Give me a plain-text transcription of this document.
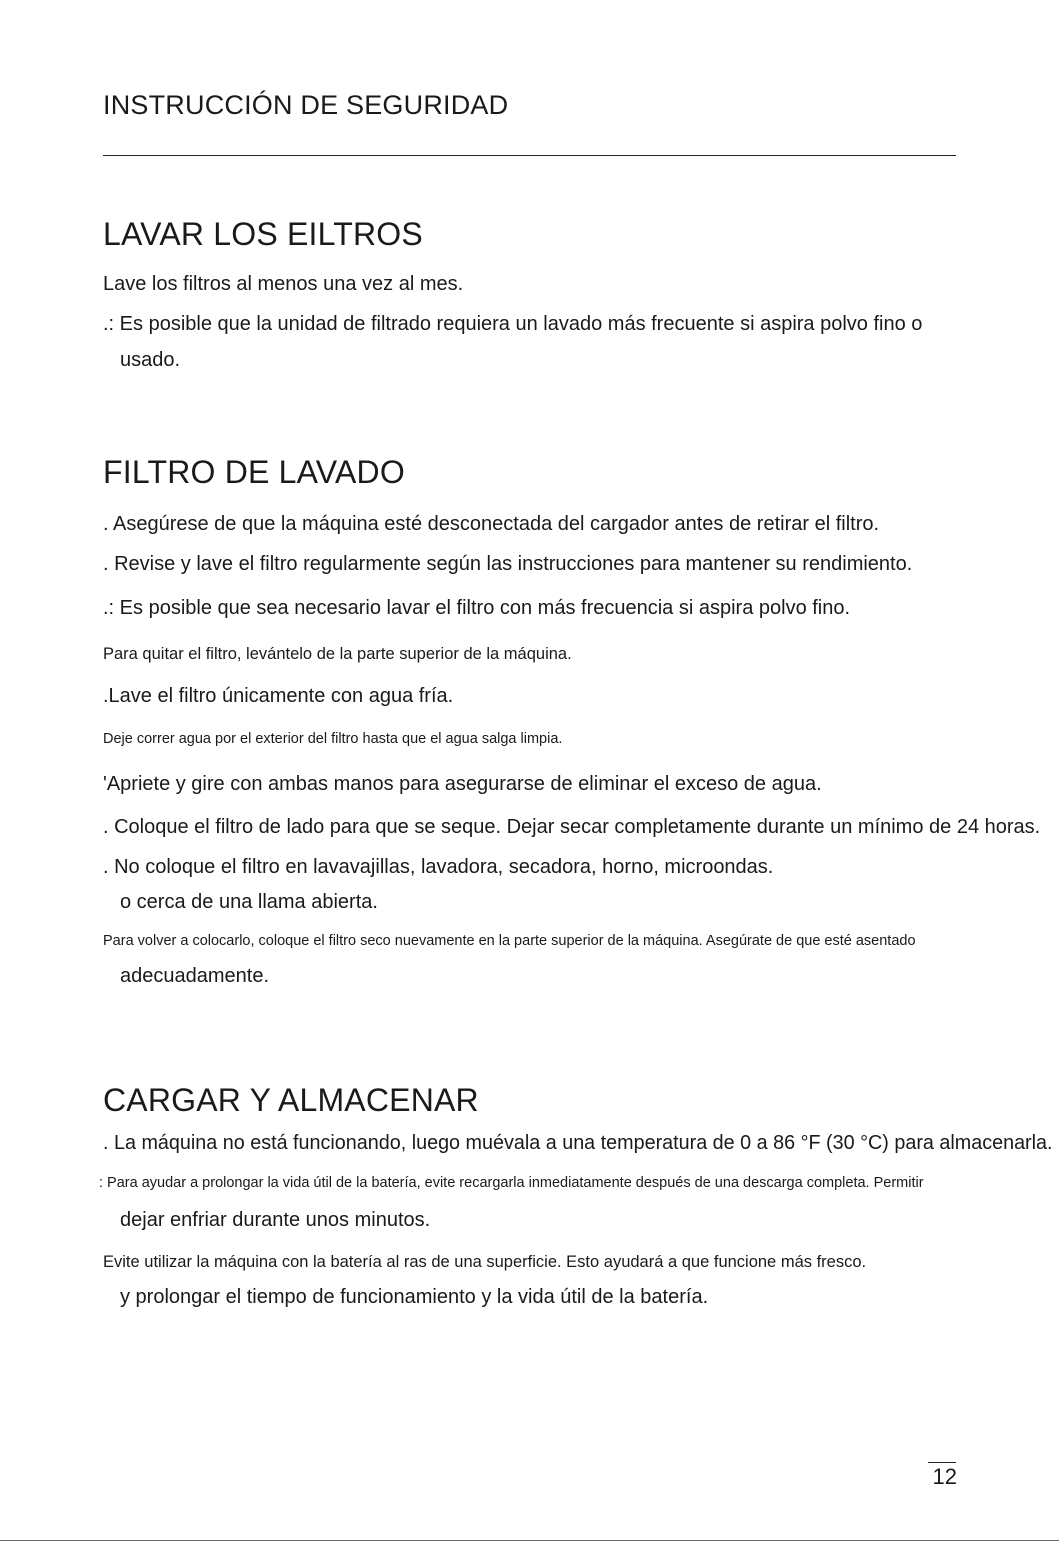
INSTRUCCIÓN DE SEGURIDAD

LAVAR LOS EILTROS

Lave los filtros al menos una vez al mes.

.: Es posible que la unidad de filtrado requiera un lavado más frecuente si aspira polvo fino o

usado.

FILTRO DE LAVADO

. Asegúrese de que la máquina esté desconectada del cargador antes de retirar el filtro.

. Revise y lave el filtro regularmente según las instrucciones para mantener su rendimiento.

.: Es posible que sea necesario lavar el filtro con más frecuencia si aspira polvo fino.

Para quitar el filtro, levántelo de la parte superior de la máquina.

.Lave el filtro únicamente con agua fría.

Deje correr agua por el exterior del filtro hasta que el agua salga limpia.

'Apriete y gire con ambas manos para asegurarse de eliminar el exceso de agua.

. Coloque el filtro de lado para que se seque. Dejar secar completamente durante un mínimo de 24 horas.

. No coloque el filtro en lavavajillas, lavadora, secadora, horno, microondas.

o cerca de una llama abierta.

Para volver a colocarlo, coloque el filtro seco nuevamente en la parte superior de la máquina. Asegúrate de que esté asentado

adecuadamente.

CARGAR Y ALMACENAR

. La máquina no está funcionando, luego muévala a una temperatura de 0 a 86 °F (30 °C) para almacenarla.

: Para ayudar a prolongar la vida útil de la batería, evite recargarla inmediatamente después de una descarga completa. Permitir

dejar enfriar durante unos minutos.

Evite utilizar la máquina con la batería al ras de una superficie. Esto ayudará a que funcione más fresco.

y prolongar el tiempo de funcionamiento y la vida útil de la batería.

12
